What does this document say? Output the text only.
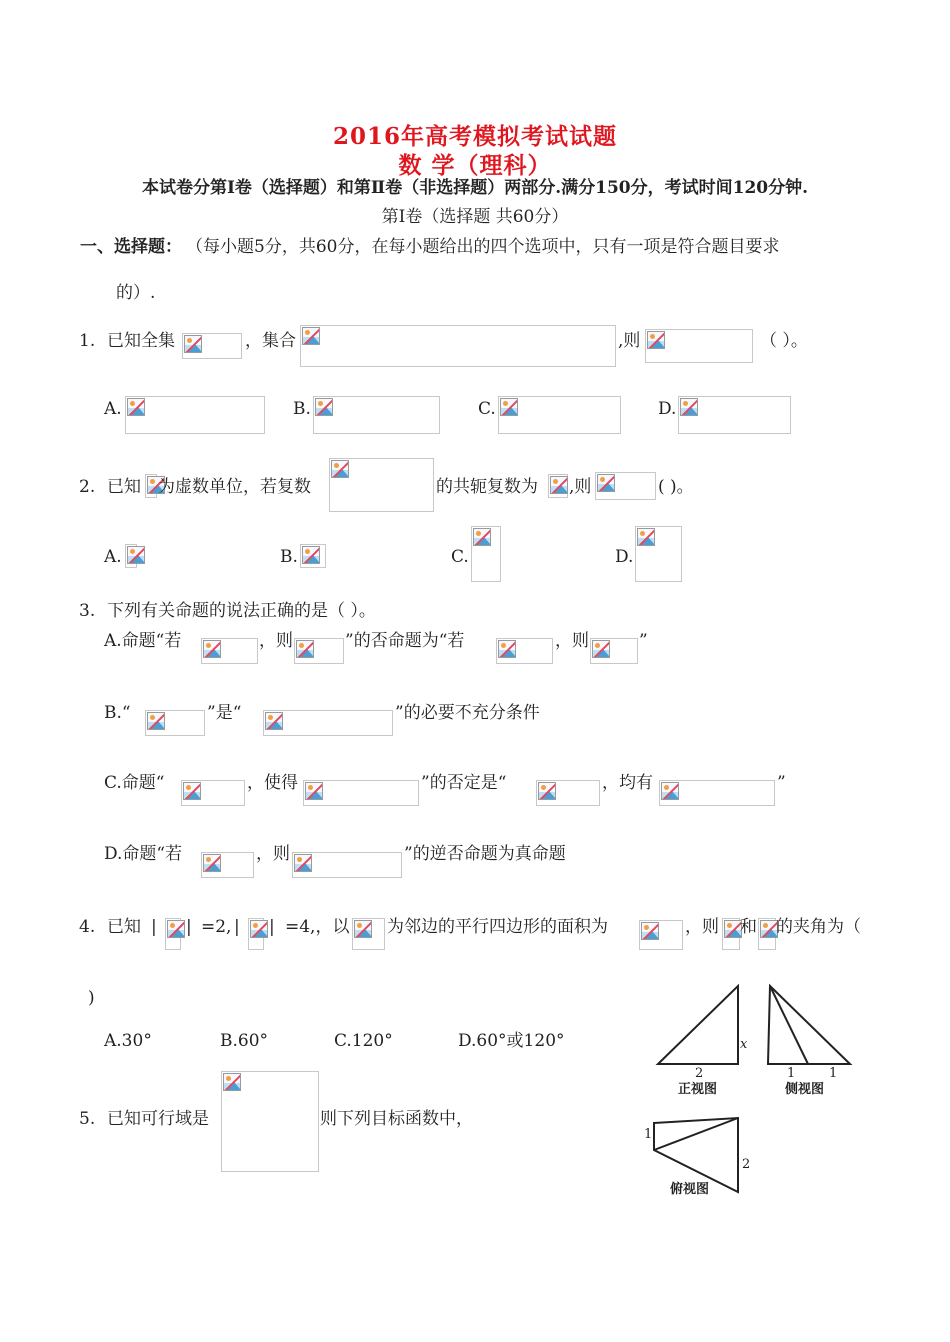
2016年高考模拟考试试题
数 学（理科）
本试卷分第Ⅰ卷（选择题）和第Ⅱ卷（非选择题）两部分.满分150分，考试时间120分钟.
第Ⅰ卷（选择题 共60分）
一、选择题： （每小题5分，共60分，在每小题给出的四个选项中，只有一项是符合题目要求
的）.
1. 已知全集	，集合	,则	（ ）。
A.	B.	C.	D.
2. 已知 为虚数单位，若复数	的共轭复数为 ,则	( )。
A.	B.	C.	D.
3. 下列有关命题的说法正确的是（ ）。
A.命题“若	，则	”的否命题为“若	，则	”
B.“	”是“	”的必要不充分条件
C.命题“	，使得	”的否定是“	，均有	”
D.命题“若	，则	”的逆否命题为真命题
4. 已知 | | =2, | | =4,，以 为邻边的平行四边形的面积为	，则 和 的夹角为（
)
A.30°	B.60°	C.120°	D.60°或120°
5. 已知可行域是	则下列目标函数中，
x
2
正视图
1	1
侧视图
1
2
俯视图
